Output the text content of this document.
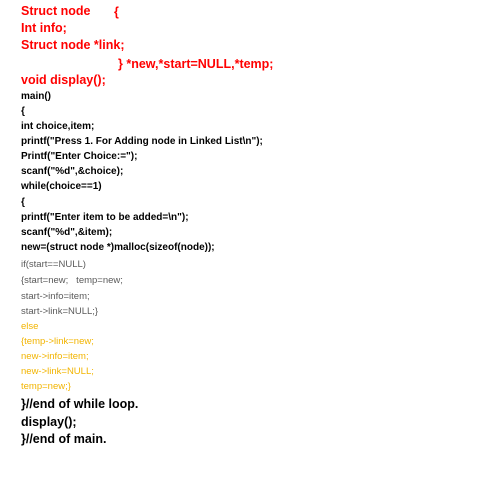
Struct node {
Int info;
Struct node *link;
} *new,*start=NULL,*temp;
void display();
main()
{
int choice,item;
printf("Press 1. For Adding node in Linked List\n");
Printf("Enter Choice:=");
scanf("%d",&choice);
while(choice==1)
{
printf("Enter item to be added=\n");
scanf("%d",&item);
new=(struct node *)malloc(sizeof(node));
if(start==NULL)
{start=new;   temp=new;
start->info=item;
start->link=NULL;}
else
{temp->link=new;
new->info=item;
new->link=NULL;
temp=new;}
}//end of while loop.
display();
}//end of main.
